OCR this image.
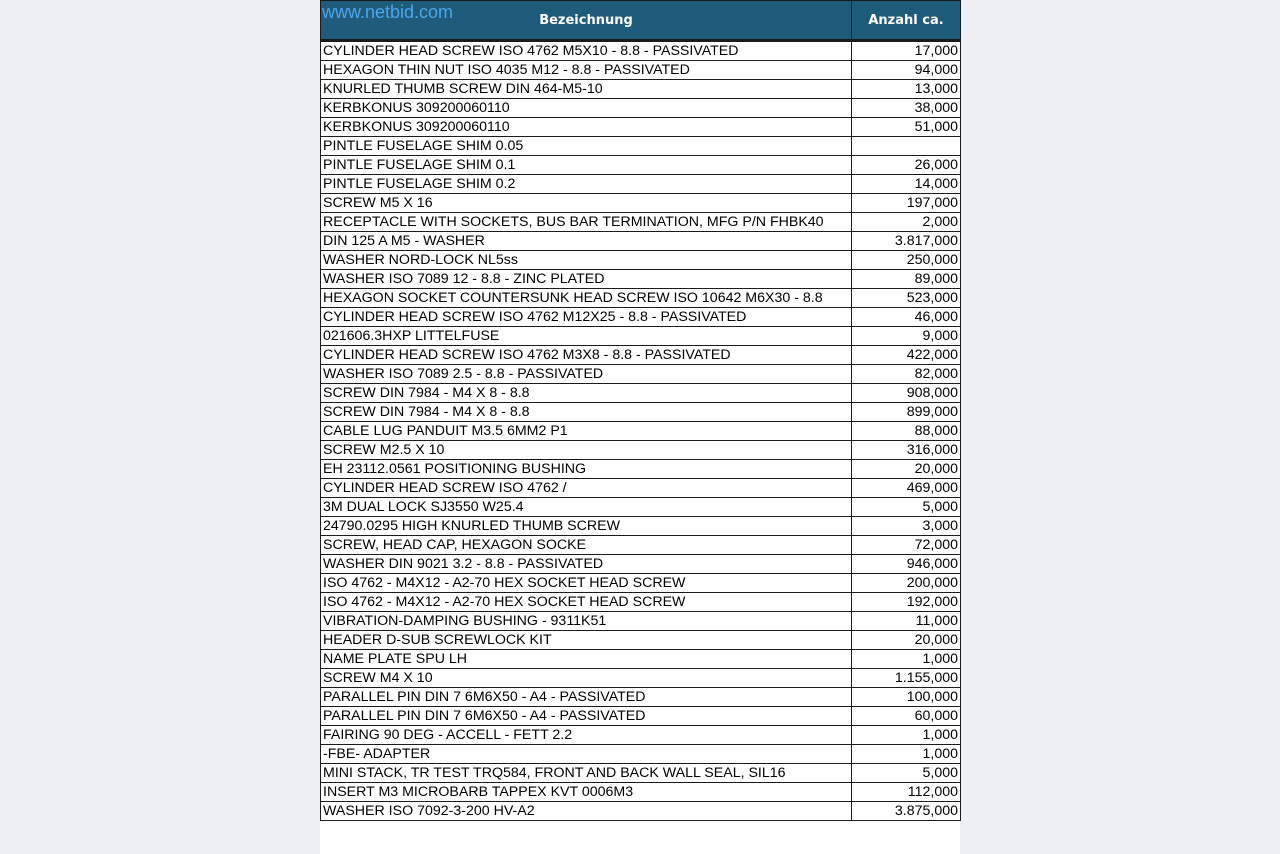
www.netbid.com	Bezeichnung	Anzahl ca.
CYLINDER HEAD SCREW ISO 4762 M5X10 - 8.8 - PASSIVATED	17,000
HEXAGON THIN NUT ISO 4035 M12 - 8.8 - PASSIVATED	94,000
KNURLED THUMB SCREW DIN 464-M5-10	13,000
KERBKONUS 309200060110	38,000
KERBKONUS 309200060110	51,000
PINTLE FUSELAGE SHIM 0.05	
PINTLE FUSELAGE SHIM 0.1	26,000
PINTLE FUSELAGE SHIM 0.2	14,000
SCREW M5 X 16	197,000
RECEPTACLE WITH SOCKETS, BUS BAR TERMINATION, MFG P/N FHBK40	2,000
DIN 125 A M5 - WASHER	3.817,000
WASHER NORD-LOCK NL5ss	250,000
WASHER ISO 7089 12 - 8.8 - ZINC PLATED	89,000
HEXAGON SOCKET COUNTERSUNK HEAD SCREW ISO 10642 M6X30 - 8.8	523,000
CYLINDER HEAD SCREW ISO 4762 M12X25 - 8.8 - PASSIVATED	46,000
021606.3HXP LITTELFUSE	9,000
CYLINDER HEAD SCREW ISO 4762 M3X8 - 8.8 - PASSIVATED	422,000
WASHER ISO 7089 2.5 - 8.8 - PASSIVATED	82,000
SCREW DIN 7984 - M4 X 8 - 8.8	908,000
SCREW DIN 7984 - M4 X 8 - 8.8	899,000
CABLE LUG PANDUIT M3.5 6MM2 P1	88,000
SCREW M2.5 X 10	316,000
EH 23112.0561 POSITIONING BUSHING	20,000
CYLINDER HEAD SCREW ISO 4762 /	469,000
3M DUAL LOCK SJ3550 W25.4	5,000
24790.0295 HIGH KNURLED THUMB SCREW	3,000
SCREW, HEAD CAP, HEXAGON SOCKE	72,000
WASHER DIN 9021 3.2 - 8.8 - PASSIVATED	946,000
ISO 4762 - M4X12 - A2-70 HEX SOCKET HEAD SCREW	200,000
ISO 4762 - M4X12 - A2-70 HEX SOCKET HEAD SCREW	192,000
VIBRATION-DAMPING BUSHING - 9311K51	11,000
HEADER D-SUB SCREWLOCK KIT	20,000
NAME PLATE SPU LH	1,000
SCREW M4 X 10	1.155,000
PARALLEL PIN DIN 7 6M6X50 - A4 - PASSIVATED	100,000
PARALLEL PIN DIN 7 6M6X50 - A4 - PASSIVATED	60,000
FAIRING 90 DEG - ACCELL - FETT 2.2	1,000
-FBE- ADAPTER	1,000
MINI STACK, TR TEST TRQ584, FRONT AND BACK WALL SEAL, SIL16	5,000
INSERT M3 MICROBARB TAPPEX KVT 0006M3	112,000
WASHER ISO 7092-3-200 HV-A2	3.875,000
